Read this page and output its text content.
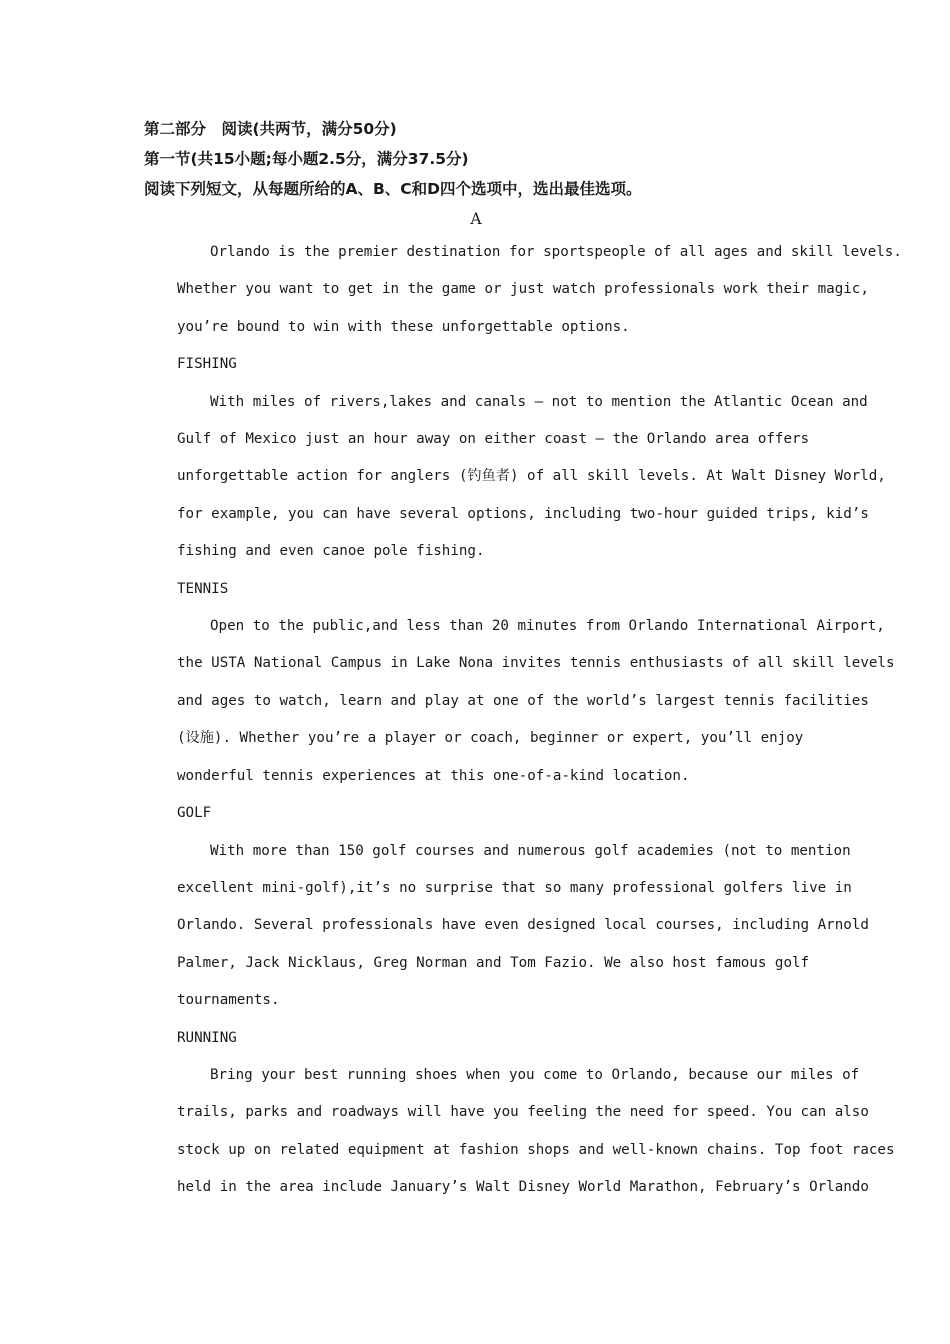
第二部分　阅读(共两节，满分50分)
第一节(共15小题;每小题2.5分，满分37.5分)
阅读下列短文，从每题所给的A、B、C和D四个选项中，选出最佳选项。
A
Orlando is the premier destination for sportspeople of all ages and skill levels.
Whether you want to get in the game or just watch professionals work their magic,
you’re bound to win with these unforgettable options.
FISHING
With miles of rivers,lakes and canals — not to mention the Atlantic Ocean and
Gulf of Mexico just an hour away on either coast — the Orlando area offers
unforgettable action for anglers (钓鱼者) of all skill levels. At Walt Disney World,
for example, you can have several options, including two-hour guided trips, kid’s
fishing and even canoe pole fishing.
TENNIS
Open to the public,and less than 20 minutes from Orlando International Airport,
the USTA National Campus in Lake Nona invites tennis enthusiasts of all skill levels
and ages to watch, learn and play at one of the world’s largest tennis facilities
(设施). Whether you’re a player or coach, beginner or expert, you’ll enjoy
wonderful tennis experiences at this one-of-a-kind location.
GOLF
With more than 150 golf courses and numerous golf academies (not to mention
excellent mini-golf),it’s no surprise that so many professional golfers live in
Orlando. Several professionals have even designed local courses, including Arnold
Palmer, Jack Nicklaus, Greg Norman and Tom Fazio. We also host famous golf
tournaments.
RUNNING
Bring your best running shoes when you come to Orlando, because our miles of
trails, parks and roadways will have you feeling the need for speed. You can also
stock up on related equipment at fashion shops and well-known chains. Top foot races
held in the area include January’s Walt Disney World Marathon, February’s Orlando
